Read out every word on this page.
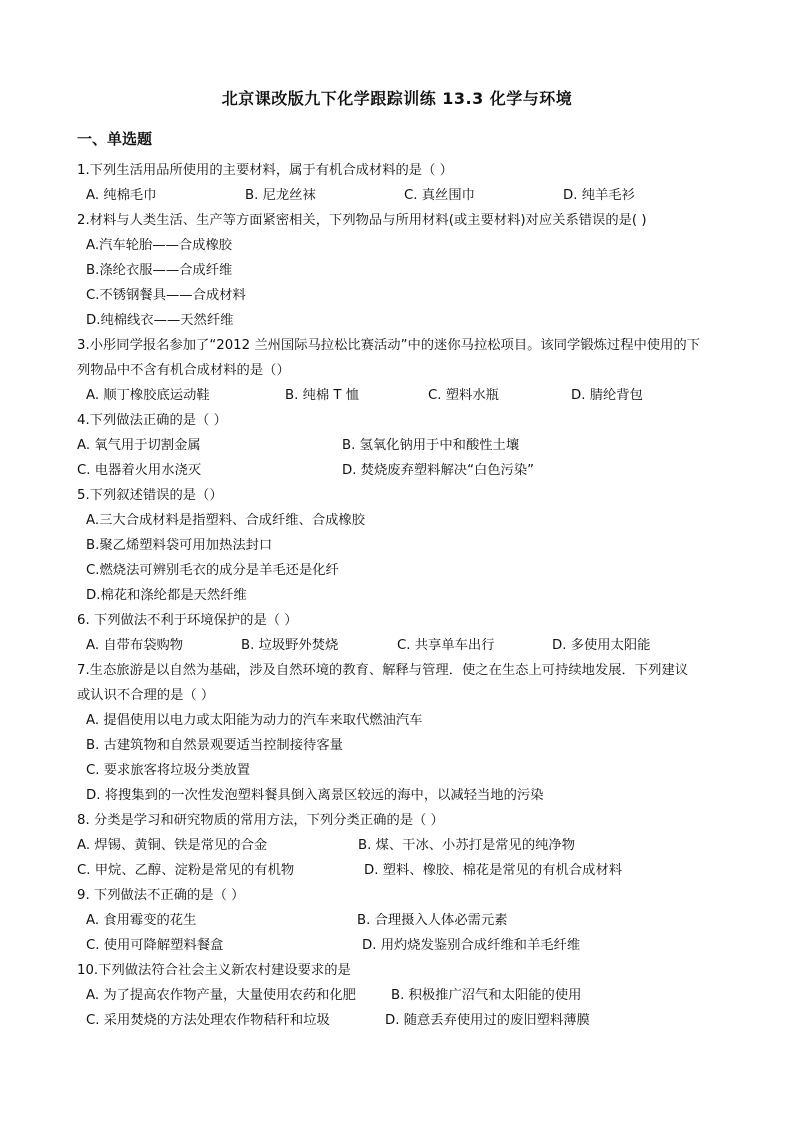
北京课改版九下化学跟踪训练 13.3 化学与环境
一、单选题
1.下列生活用品所使用的主要材料，属于有机合成材料的是（ ）
A. 纯棉毛巾	B. 尼龙丝袜	C. 真丝围巾	D. 纯羊毛衫
2.材料与人类生活、生产等方面紧密相关，下列物品与所用材料(或主要材料)对应关系错误的是( )
A.汽车轮胎——合成橡胶
B.涤纶衣服——合成纤维
C.不锈钢餐具——合成材料
D.纯棉线衣——天然纤维
3.小彤同学报名参加了“2012 兰州国际马拉松比赛活动”中的迷你马拉松项目。该同学锻炼过程中使用的下
列物品中不含有机合成材料的是（）
A. 顺丁橡胶底运动鞋	B. 纯棉 T 恤	C. 塑料水瓶	D. 腈纶背包
4.下列做法正确的是（ ）
A. 氧气用于切割金属	B. 氢氧化钠用于中和酸性土壤
C. 电器着火用水浇灭	D. 焚烧废弃塑料解决“白色污染”
5.下列叙述错误的是（）
A.三大合成材料是指塑料、合成纤维、合成橡胶
B.聚乙烯塑料袋可用加热法封口
C.燃烧法可辨别毛衣的成分是羊毛还是化纤
D.棉花和涤纶都是天然纤维
6. 下列做法不利于环境保护的是（ ）
A. 自带布袋购物	B. 垃圾野外焚烧	C. 共享单车出行	D. 多使用太阳能
7.生态旅游是以自然为基础，涉及自然环境的教育、解释与管理．使之在生态上可持续地发展．下列建议
或认识不合理的是（ ）
A. 提倡使用以电力或太阳能为动力的汽车来取代燃油汽车
B. 古建筑物和自然景观要适当控制接待客量
C. 要求旅客将垃圾分类放置
D. 将搜集到的一次性发泡塑料餐具倒入离景区较远的海中，以减轻当地的污染
8. 分类是学习和研究物质的常用方法，下列分类正确的是（ ）
A. 焊锡、黄铜、铁是常见的合金	B. 煤、干冰、小苏打是常见的纯净物
C. 甲烷、乙醇、淀粉是常见的有机物	D. 塑料、橡胶、棉花是常见的有机合成材料
9. 下列做法不正确的是（ ）
A. 食用霉变的花生	B. 合理摄入人体必需元素
C. 使用可降解塑料餐盒	D. 用灼烧发鉴别合成纤维和羊毛纤维
10.下列做法符合社会主义新农村建设要求的是
A. 为了提高农作物产量，大量使用农药和化肥	B. 积极推广沼气和太阳能的使用
C. 采用焚烧的方法处理农作物秸秆和垃圾	D. 随意丢弃使用过的废旧塑料薄膜
